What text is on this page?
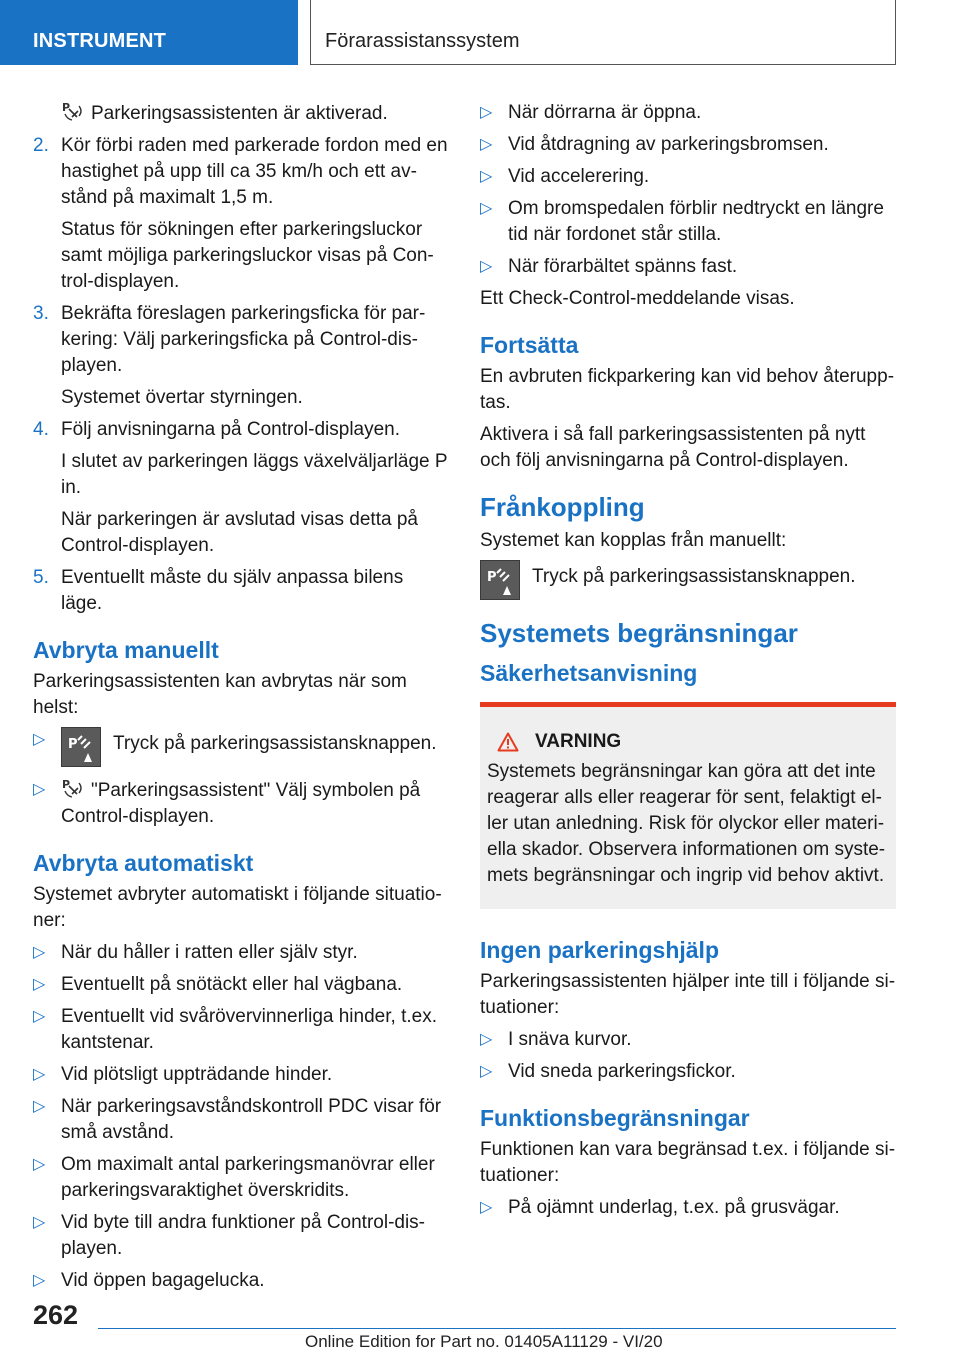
INSTRUMENT	Förarassistanssystem

P Parkeringsassistenten är aktiverad.

2. Kör förbi raden med parkerade fordon med en hastighet på upp till ca 35 km/h och ett av-stånd på maximalt 1,5 m.

Status för sökningen efter parkeringsluckor samt möjliga parkeringsluckor visas på Con-trol-displayen.

3. Bekräfta föreslagen parkeringsficka för par-kering: Välj parkeringsficka på Control-dis-playen.

Systemet övertar styrningen.

4. Följ anvisningarna på Control-displayen.

I slutet av parkeringen läggs växelväljarläge P in.

När parkeringen är avslutad visas detta på Control-displayen.

5. Eventuellt måste du själv anpassa bilens läge.
Avbryta manuellt

Parkeringsassistenten kan avbrytas när som helst:

▷ P Tryck på parkeringsassistansknappen.
▷ P "Parkeringsassistent" Välj symbolen på Control-displayen.
Avbryta automatiskt

Systemet avbryter automatiskt i följande situatio-ner:

▷ När du håller i ratten eller själv styr.
▷ Eventuellt på snötäckt eller hal vägbana.
▷ Eventuellt vid svårövervinnerliga hinder, t.ex. kantstenar.
▷ Vid plötsligt uppträdande hinder.
▷ När parkeringsavståndskontroll PDC visar för små avstånd.
▷ Om maximalt antal parkeringsmanövrar eller parkeringsvaraktighet överskridits.
▷ Vid byte till andra funktioner på Control-dis-playen.
▷ Vid öppen bagagelucka.
▷ När dörrarna är öppna.
▷ Vid åtdragning av parkeringsbromsen.
▷ Vid accelerering.
▷ Om bromspedalen förblir nedtryckt en längre tid när fordonet står stilla.
▷ När förarbältet spänns fast.

Ett Check-Control-meddelande visas.

Fortsätta

En avbruten fickparkering kan vid behov återupp-tas.

Aktivera i så fall parkeringsassistenten på nytt och följ anvisningarna på Control-displayen.

Frånkoppling

Systemet kan kopplas från manuellt:

P Tryck på parkeringsassistansknappen.
Systemets begränsningar
Säkerhetsanvisning
VARNING
Systemets begränsningar kan göra att det inte reagerar alls eller reagerar för sent, felaktigt el-ler utan anledning. Risk för olyckor eller materi-ella skador. Observera informationen om syste-mets begränsningar och ingrip vid behov aktivt.
Ingen parkeringshjälp

Parkeringsassistenten hjälper inte till i följande si-tuationer:

▷ I snäva kurvor.
▷ Vid sneda parkeringsfickor.
Funktionsbegränsningar

Funktionen kan vara begränsad t.ex. i följande si-tuationer:

▷ På ojämnt underlag, t.ex. på grusvägar.
262
Online Edition for Part no. 01405A11129 - VI/20
